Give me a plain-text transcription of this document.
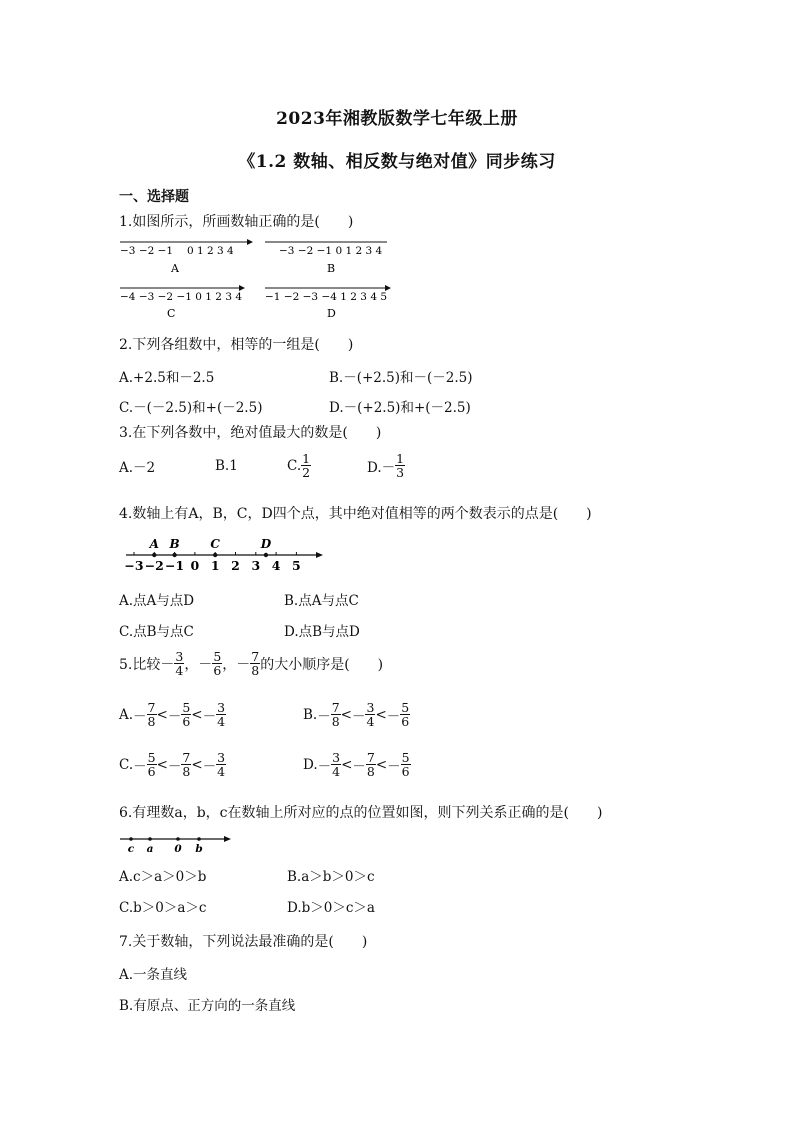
2023年湘教版数学七年级上册
《1.2 数轴、相反数与绝对值》同步练习
一、选择题
1.如图所示，所画数轴正确的是(　　)
−3 −2 −1　 0 1 2 3 4
A
−3 −2 −1 0 1 2 3 4
B
−4 −3 −2 −1 0 1 2 3 4
C
−1 −2 −3 −4 1 2 3 4 5
D
2.下列各组数中，相等的一组是(　　)
A.+2.5和－2.5	B.－(+2.5)和－(－2.5)
C.－(－2.5)和+(－2.5)	D.－(+2.5)和+(－2.5)
3.在下列各数中，绝对值最大的数是(　　)
A.－2	B.1	C. $\frac{1}{2}$	$D.- \frac{1}{3}$
4.数轴上有A，B，C，D四个点，其中绝对值相等的两个数表示的点是(　　)
−3 −2 −1 0 1 2 3 4 5
A B	C	D
A.点A与点D	B.点A与点C
C.点B与点C	D.点B与点D
5.比较－ $\frac{3}{4}$ ，－ $\frac{5}{6}$ ，－ $\frac{7}{8}$ 的大小顺序是(　　)
A. － $\frac{7}{8}$ < － $\frac{5}{6}$ < － $\frac{3}{4}$	B. － $\frac{7}{8}$ < － $\frac{3}{4}$ < － $\frac{5}{6}$
C. － $\frac{5}{6}$ < － $\frac{7}{8}$ < － $\frac{3}{4}$	D. － $\frac{3}{4}$ < － $\frac{7}{8}$ < － $\frac{5}{6}$
6.有理数a，b，c在数轴上所对应的点的位置如图，则下列关系正确的是(　　)
c a 0 b
A.c＞a＞0＞b	B.a＞b＞0＞c
C.b＞0＞a＞c	D.b＞0＞c＞a
7.关于数轴，下列说法最准确的是(　　)
A.一条直线
B.有原点、正方向的一条直线
